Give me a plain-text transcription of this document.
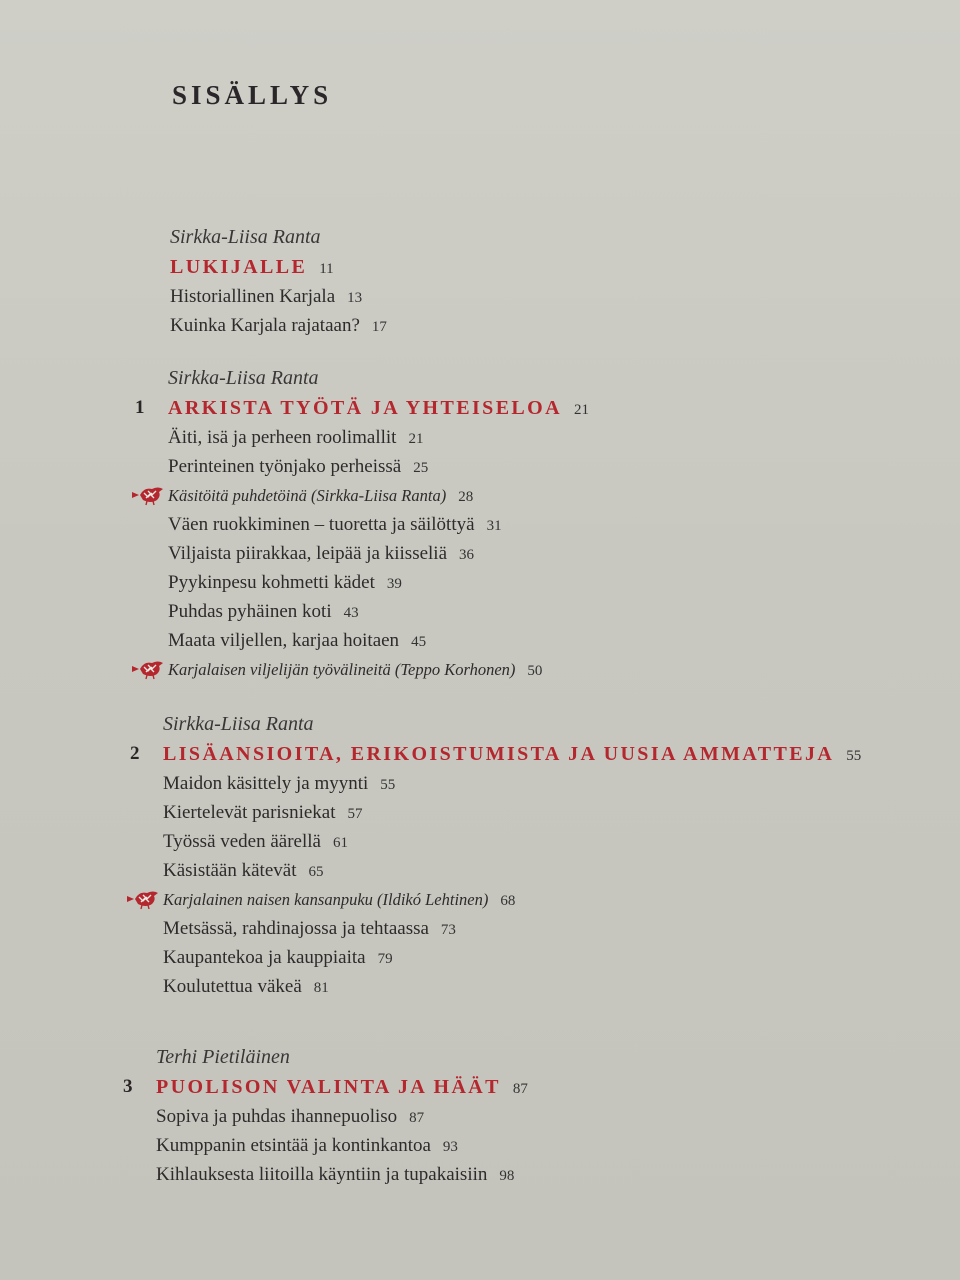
SISÄLLYS
Sirkka-Liisa Ranta
LUKIJALLE 11
Historiallinen Karjala 13
Kuinka Karjala rajataan? 17
Sirkka-Liisa Ranta
1 ARKISTA TYÖTÄ JA YHTEISELOA 21
Äiti, isä ja perheen roolimallit 21
Perinteinen työnjako perheissä 25
Käsitöitä puhdetöinä (Sirkka-Liisa Ranta) 28
Väen ruokkiminen – tuoretta ja säilöttyä 31
Viljaista piirakkaa, leipää ja kiisseliä 36
Pyykinpesu kohmetti kädet 39
Puhdas pyhäinen koti 43
Maata viljellen, karjaa hoitaen 45
Karjalaisen viljelijän työvälineitä (Teppo Korhonen) 50
Sirkka-Liisa Ranta
2 LISÄANSIOITA, ERIKOISTUMISTA JA UUSIA AMMATTEJA 55
Maidon käsittely ja myynti 55
Kiertelevät parisniekat 57
Työssä veden äärellä 61
Käsistään kätevät 65
Karjalainen naisen kansanpuku (Ildikó Lehtinen) 68
Metsässä, rahdinajossa ja tehtaassa 73
Kaupantekoa ja kauppiaita 79
Koulutettua väkeä 81
Terhi Pietiläinen
3 PUOLISON VALINTA JA HÄÄT 87
Sopiva ja puhdas ihannepuoliso 87
Kumppanin etsintää ja kontinkantoa 93
Kihlauksesta liitoilla käyntiin ja tupakaisiin 98
